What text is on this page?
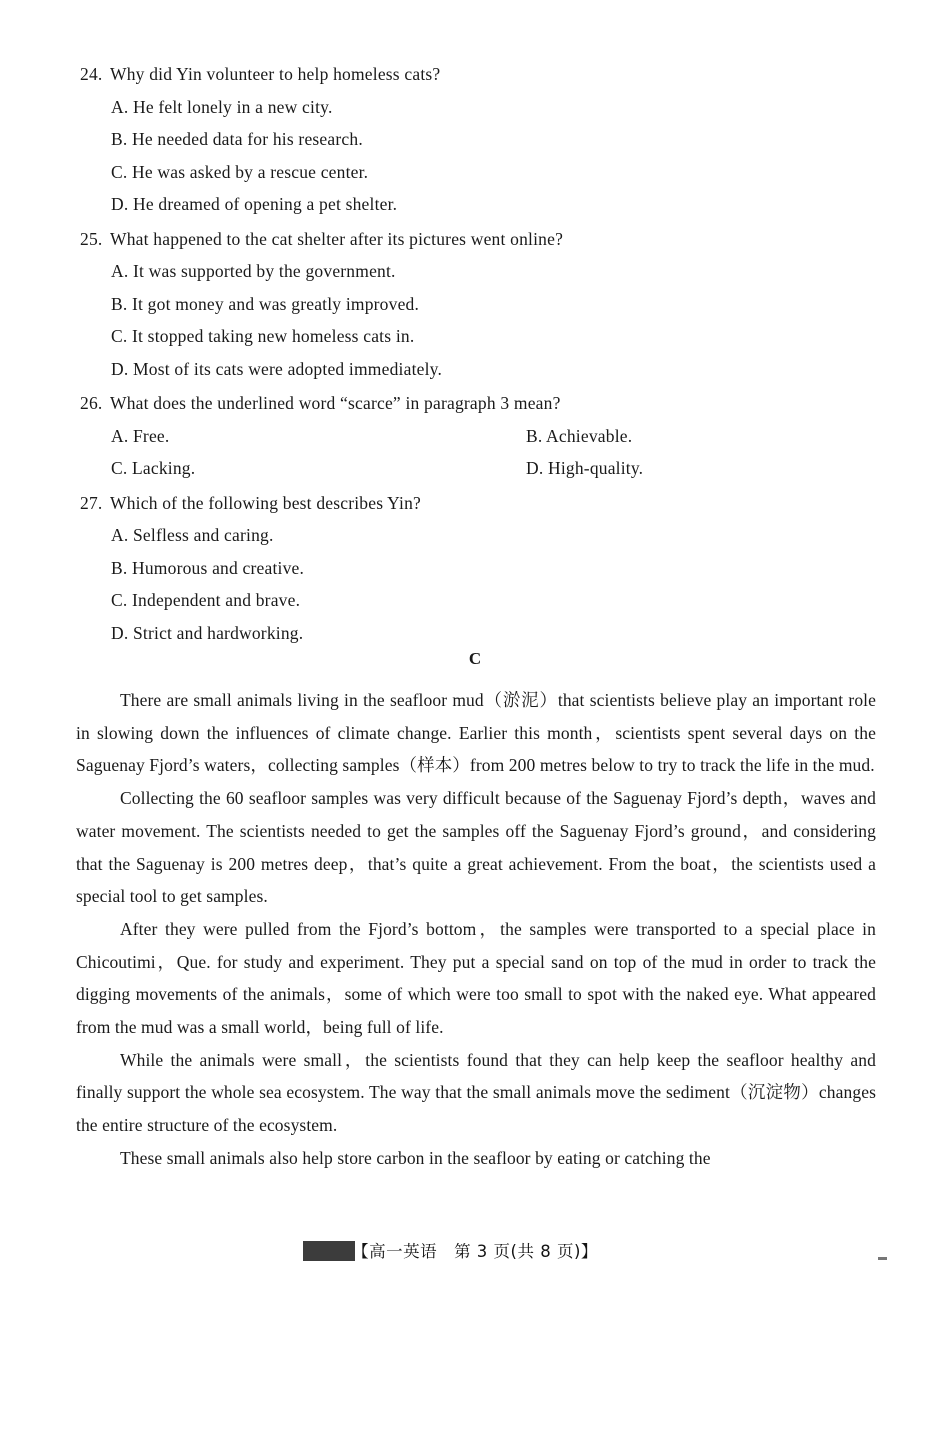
24. Why did Yin volunteer to help homeless cats?
A. He felt lonely in a new city.
B. He needed data for his research.
C. He was asked by a rescue center.
D. He dreamed of opening a pet shelter.
25. What happened to the cat shelter after its pictures went online?
A. It was supported by the government.
B. It got money and was greatly improved.
C. It stopped taking new homeless cats in.
D. Most of its cats were adopted immediately.
26. What does the underlined word “scarce” in paragraph 3 mean?
A. Free.	B. Achievable.
C. Lacking.	D. High-quality.
27. Which of the following best describes Yin?
A. Selfless and caring.
B. Humorous and creative.
C. Independent and brave.
D. Strict and hardworking.
C

There are small animals living in the seafloor mud（淤泥）that scientists believe play an important role in slowing down the influences of climate change. Earlier this month，scientists spent several days on the Saguenay Fjord’s waters，collecting samples（样本）from 200 metres below to try to track the life in the mud.

Collecting the 60 seafloor samples was very difficult because of the Saguenay Fjord’s depth，waves and water movement. The scientists needed to get the samples off the Saguenay Fjord’s ground，and considering that the Saguenay is 200 metres deep，that’s quite a great achievement. From the boat，the scientists used a special tool to get samples.

After they were pulled from the Fjord’s bottom，the samples were transported to a special place in Chicoutimi，Que. for study and experiment. They put a special sand on top of the mud in order to track the digging movements of the animals，some of which were too small to spot with the naked eye. What appeared from the mud was a small world，being full of life.

While the animals were small，the scientists found that they can help keep the seafloor healthy and finally support the whole sea ecosystem. The way that the small animals move the sediment（沉淀物）changes the entire structure of the ecosystem.

These small animals also help store carbon in the seafloor by eating or catching the

【高一英语　第 3 页(共 8 页)】
